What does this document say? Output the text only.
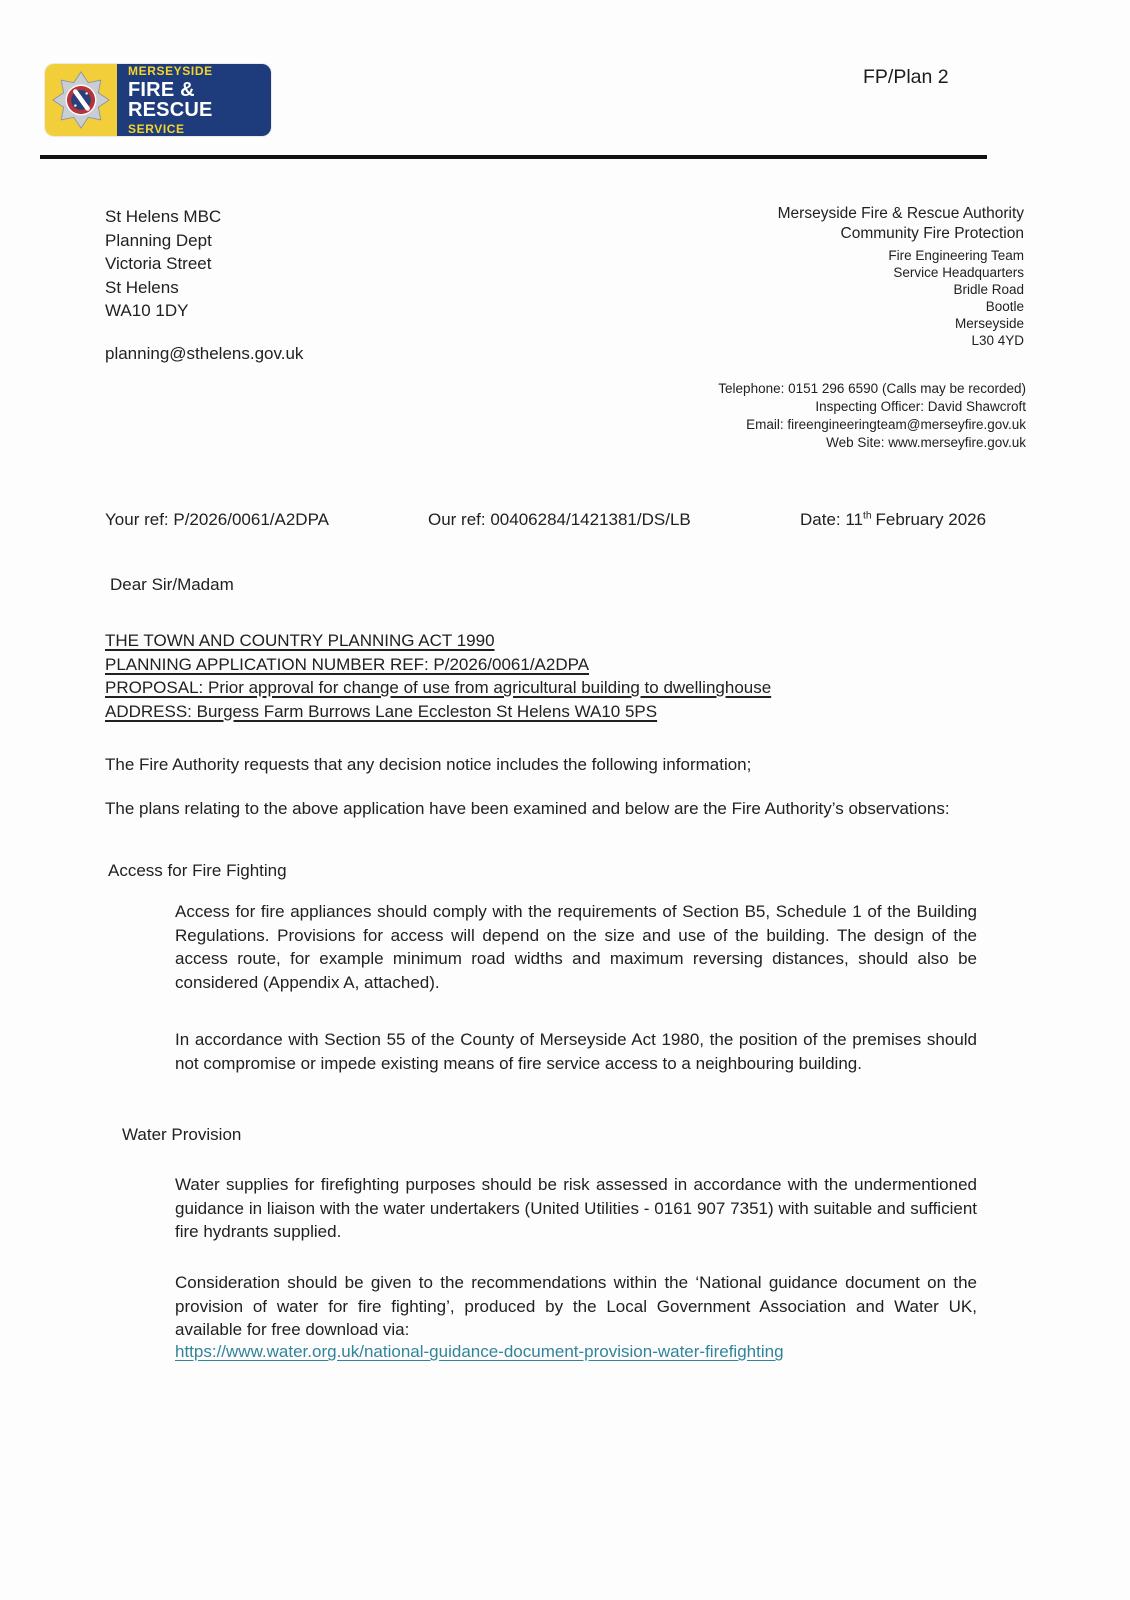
MERSEYSIDE
FIRE & RESCUE
SERVICE
FP/Plan 2
St Helens MBC
Planning Dept
Victoria Street
St Helens
WA10 1DY
planning@sthelens.gov.uk
Merseyside Fire & Rescue Authority
Community Fire Protection
Fire Engineering Team
Service Headquarters
Bridle Road
Bootle
Merseyside
L30 4YD
Telephone: 0151 296 6590 (Calls may be recorded)
Inspecting Officer: David Shawcroft
Email: fireengineeringteam@merseyfire.gov.uk
Web Site: www.merseyfire.gov.uk
Your ref: P/2026/0061/A2DPA	Our ref: 00406284/1421381/DS/LB	Date: 11th February 2026
Dear Sir/Madam
THE TOWN AND COUNTRY PLANNING ACT 1990
PLANNING APPLICATION NUMBER REF: P/2026/0061/A2DPA
PROPOSAL: Prior approval for change of use from agricultural building to dwellinghouse
ADDRESS: Burgess Farm Burrows Lane Eccleston St Helens WA10 5PS
The Fire Authority requests that any decision notice includes the following information;
The plans relating to the above application have been examined and below are the Fire Authority’s observations:
Access for Fire Fighting
Access for fire appliances should comply with the requirements of Section B5, Schedule 1 of the Building Regulations. Provisions for access will depend on the size and use of the building. The design of the access route, for example minimum road widths and maximum reversing distances, should also be considered (Appendix A, attached).
In accordance with Section 55 of the County of Merseyside Act 1980, the position of the premises should not compromise or impede existing means of fire service access to a neighbouring building.
Water Provision
Water supplies for firefighting purposes should be risk assessed in accordance with the undermentioned guidance in liaison with the water undertakers (United Utilities - 0161 907 7351) with suitable and sufficient fire hydrants supplied.
Consideration should be given to the recommendations within the ‘National guidance document on the provision of water for fire fighting’, produced by the Local Government Association and Water UK, available for free download via:
https://www.water.org.uk/national-guidance-document-provision-water-firefighting
